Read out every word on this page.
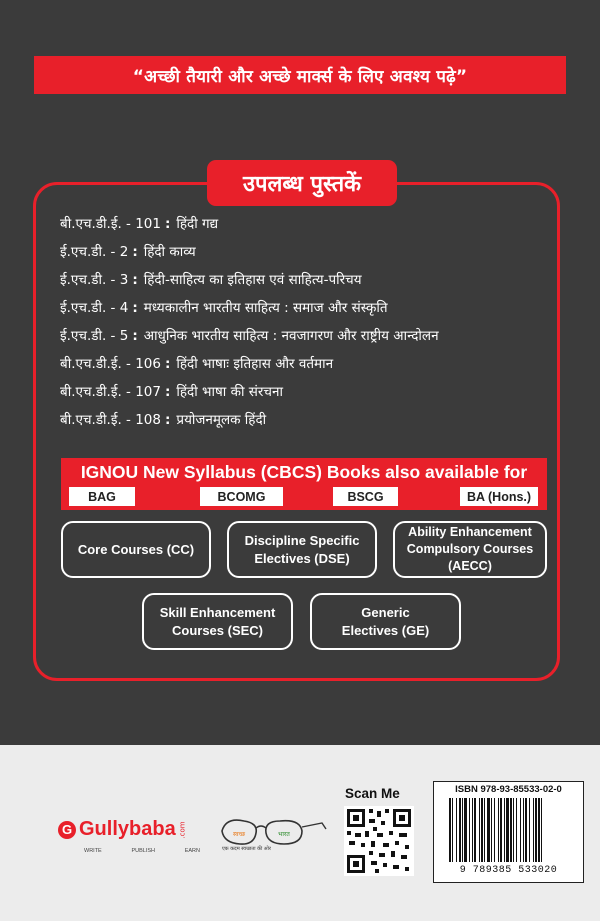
“अच्छी तैयारी और अच्छे मार्क्स के लिए अवश्य पढ़े”
उपलब्ध पुस्तकें
बी.एच.डी.ई. - 101 : हिंदी गद्य
ई.एच.डी. - 2 : हिंदी काव्य
ई.एच.डी. - 3 : हिंदी-साहित्य का इतिहास एवं साहित्य-परिचय
ई.एच.डी. - 4 : मध्यकालीन भारतीय साहित्य : समाज और संस्कृति
ई.एच.डी. - 5 : आधुनिक भारतीय साहित्य : नवजागरण और राष्ट्रीय आन्दोलन
बी.एच.डी.ई. - 106 : हिंदी भाषाः इतिहास और वर्तमान
बी.एच.डी.ई. - 107 : हिंदी भाषा की संरचना
बी.एच.डी.ई. - 108 : प्रयोजनमूलक हिंदी
IGNOU New Syllabus (CBCS) Books also available for
BAG	BCOMG	BSCG	BA (Hons.)
Core Courses (CC)
Discipline Specific Electives (DSE)
Ability Enhancement Compulsory Courses (AECC)
Skill Enhancement Courses (SEC)
Generic Electives (GE)
G Gullybaba .com
WRITE	PUBLISH	EARN
स्वच्छ	भारत
एक कदम स्वच्छता की ओर
Scan Me	ISBN 978-93-85533-02-0
9 789385 533020
